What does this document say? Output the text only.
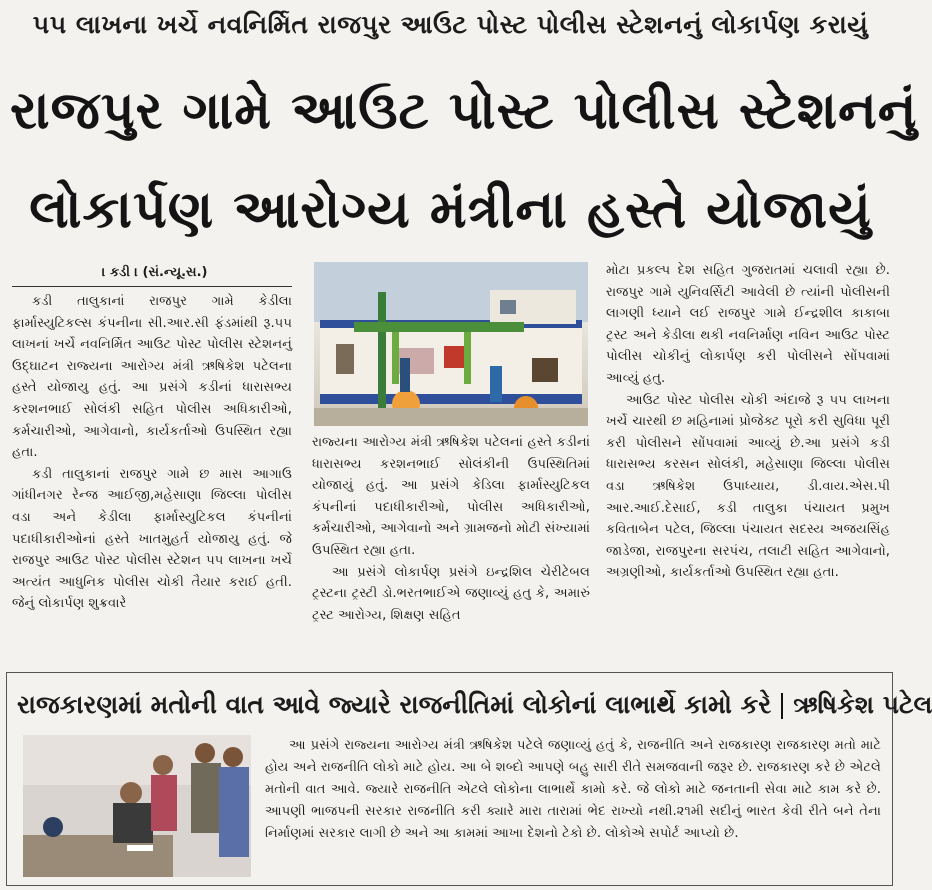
૫૫ લાખના ખર્ચે નવનિર્મિત રાજપુર આઉટ પોસ્ટ પોલીસ સ્ટેશનનું લોકાર્પણ કરાયું
રાજપુર ગામે આઉટ પોસ્ટ પોલીસ સ્ટેશનનું
લોકાર્પણ આરોગ્ય મંત્રીના હસ્તે યોજાયું
। કડી । (સં.ન્યૂ.સ.)

કડી તાલુકાનાં રાજપુર ગામે કેડીલા ફાર્માસ્યુટિકલ્સ કંપનીના સી.આર.સી ફંડમાંથી રૂ.૫૫ લાખનાં ખર્ચે નવનિર્મિત આઉટ પોસ્ટ પોલીસ સ્ટેશનનું ઉદ્ઘાટન રાજ્યના આરોગ્ય મંત્રી ઋષિકેશ પટેલના હસ્તે યોજાયુ હતું. આ પ્રસંગે કડીનાં ધારાસભ્ય કરશનભાઈ સોલંકી સહિત પોલીસ અધિકારીઓ, કર્મચારીઓ, આગેવાનો, કાર્યકર્તાઓ ઉપસ્થિત રહ્યા હતા.

કડી તાલુકાનાં રાજપુર ગામે છ માસ આગાઉ ગાંધીનગર રેન્જ આઈજી,મહેસાણા જિલ્લા પોલીસ વડા અને કેડીલા ફાર્માસ્યુટિકલ કંપનીનાં પદાધીકારીઓનાં હસ્તે ખાતમુહર્ત યોજાયુ હતું. જે રાજપુર આઉટ પોસ્ટ પોલીસ સ્ટેશન ૫૫ લાખના ખર્ચે અત્યંત આધુનિક પોલીસ ચોકી તૈયાર કરાઈ હતી. જેનું લોકાર્પણ શુક્રવારે

રાજ્યના આરોગ્ય મંત્રી ઋષિકેશ પટેલનાં હસ્તે કડીનાં ધારાસભ્ય કરશનભાઈ સોલંકીની ઉપસ્થિતિમાં યોજાયું હતું. આ પ્રસંગે કેડિલા ફાર્માસ્યુટિકલ કંપનીનાં પદાધીકારીઓ, પોલીસ અધિકારીઓ, કર્મચારીઓ, આગેવાનો અને ગ્રામજનો મોટી સંખ્યામાં ઉપસ્થિત રહ્યા હતા.

આ પ્રસંગે લોકાર્પણ પ્રસંગે ઇન્દ્રશિલ ચેરીટેબલ ટ્રસ્ટના ટ્રસ્ટી ડો.ભરતભાઈએ જણાવ્યું હતુ કે, અમારું ટ્રસ્ટ આરોગ્ય, શિક્ષણ સહિત

મોટા પ્રકલ્પ દેશ સહિત ગુજરાતમાં ચલાવી રહ્યા છે. રાજપુર ગામે યુનિવર્સિટી આવેલી છે ત્યાંની પોલીસની લાગણી ધ્યાને લઈ રાજપુર ગામે ઈન્દ્રશીલ કાકાબા ટ્રસ્ટ અને કેડીલા થકી નવનિર્માણ નવિન આઉટ પોસ્ટ પોલીસ ચોકીનું લોકાર્પણ કરી પોલીસને સોંપવામાં આવ્યું હતુ.

આઉટ પોસ્ટ પોલીસ ચોકી અંદાજે રૂ ૫૫ લાખના ખર્ચે ચારથી છ મહિનામાં પ્રોજેક્ટ પૂરો કરી સુવિધા પૂરી કરી પોલીસને સોંપવામાં આવ્યું છે.આ પ્રસંગે કડી ધારાસભ્ય કરસન સોલંકી, મહેસાણા જિલ્લા પોલીસ વડા ઋષિકેશ ઉપાધ્યાય, ડી.વાય.એસ.પી આર.આઈ.દેસાઈ, કડી તાલુકા પંચાયત પ્રમુખ કવિતાબેન પટેલ, જિલ્લા પંચાયત સદસ્ય અજયસિંહ જાડેજા, રાજપુરના સરપંચ, તલાટી સહિત આગેવાનો, અગ્રણીઓ, કાર્યકર્તાઓ ઉપસ્થિત રહ્યા હતા.

રાજકારણમાં મતોની વાત આવે જ્યારે રાજનીતિમાં લોકોનાં લાભાર્થે કામો કરે ઋષિકેશ પટેલ

આ પ્રસંગે રાજ્યના આરોગ્ય મંત્રી ઋષિકેશ પટેલે જણાવ્યું હતું કે, રાજનીતિ અને રાજકારણ રાજકારણ મતો માટે હોય અને રાજનીતિ લોકો માટે હોય. આ બે શબ્દો આપણે બહુ સારી રીતે સમજવાની જરૂર છે. રાજકારણ કરે છે એટલે મતોની વાત આવે. જ્યારે રાજનીતિ એટલે લોકોના લાભાર્થે કામો કરે. જે લોકો માટે જનતાની સેવા માટે કામ કરે છે. આપણી ભાજપની સરકાર રાજનીતિ કરી ક્યારે મારા તારામાં ભેદ રાખ્યો નથી.૨૧મી સદીનું ભારત કેવી રીતે બને તેના નિર્માણમાં સરકાર લાગી છે અને આ કામમાં આખા દેશનો ટેકો છે. લોકોએ સપોર્ટ આપ્યો છે.
